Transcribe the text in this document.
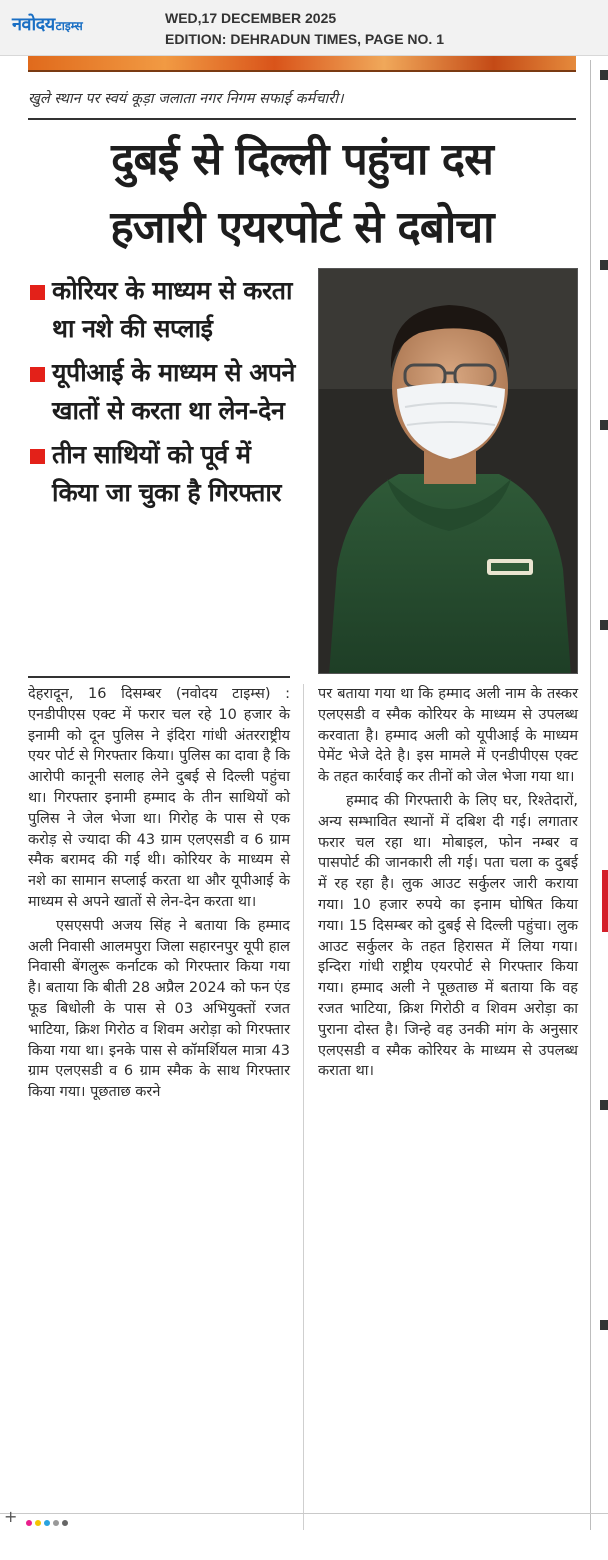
नवोदय टाइम्स	WED,17 DECEMBER 2025
EDITION: DEHRADUN TIMES, PAGE NO. 1
खुले स्थान पर स्वयं कूड़ा जलाता नगर निगम सफाई कर्मचारी।
दुबई से दिल्ली पहुंचा दस
हजारी एयरपोर्ट से दबोचा
कोरियर के माध्यम से करता था नशे की सप्लाई
यूपीआई के माध्यम से अपने खातों से करता था लेन-देन
तीन साथियों को पूर्व में किया जा चुका है गिरफ्तार

देहरादून, 16 दिसम्बर (नवोदय टाइम्स) : एनडीपीएस एक्ट में फरार चल रहे 10 हजार के इनामी को दून पुलिस ने इंदिरा गांधी अंतरराष्ट्रीय एयर पोर्ट से गिरफ्तार किया। पुलिस का दावा है कि आरोपी कानूनी सलाह लेने दुबई से दिल्ली पहुंचा था। गिरफ्तार इनामी हम्माद के तीन साथियों को पुलिस ने जेल भेजा था। गिरोह के पास से एक करोड़ से ज्यादा की 43 ग्राम एलएसडी व 6 ग्राम स्मैक बरामद की गई थी। कोरियर के माध्यम से नशे का सामान सप्लाई करता था और यूपीआई के माध्यम से अपने खातों से लेन-देन करता था।

एसएसपी अजय सिंह ने बताया कि हम्माद अली निवासी आलमपुरा जिला सहारनपुर यूपी हाल निवासी बेंगलुरू कर्नाटक को गिरफ्तार किया गया है। बताया कि बीती 28 अप्रैल 2024 को फन एंड फूड बिधोली के पास से 03 अभियुक्तों रजत भाटिया, क्रिश गिरोठ व शिवम अरोड़ा को गिरफ्तार किया गया था। इनके पास से कॉमर्शियल मात्रा 43 ग्राम एलएसडी व 6 ग्राम स्मैक के साथ गिरफ्तार किया गया। पूछताछ करने

पर बताया गया था कि हम्माद अली नाम के तस्कर एलएसडी व स्मैक कोरियर के माध्यम से उपलब्ध करवाता है। हम्माद अली को यूपीआई के माध्यम पेमेंट भेजे देते है। इस मामले में एनडीपीएस एक्ट के तहत कार्रवाई कर तीनों को जेल भेजा गया था।

हम्माद की गिरफ्तारी के लिए घर, रिश्तेदारों, अन्य सम्भावित स्थानों में दबिश दी गई। लगातार फरार चल रहा था। मोबाइल, फोन नम्बर व पासपोर्ट की जानकारी ली गई। पता चला क दुबई में रह रहा है। लुक आउट सर्कुलर जारी कराया गया। 10 हजार रुपये का इनाम घोषित किया गया। 15 दिसम्बर को दुबई से दिल्ली पहुंचा। लुक आउट सर्कुलर के तहत हिरासत में लिया गया। इन्दिरा गांधी राष्ट्रीय एयरपोर्ट से गिरफ्तार किया गया। हम्माद अली ने पूछताछ में बताया कि वह रजत भाटिया, क्रिश गिरोठी व शिवम अरोड़ा का पुराना दोस्त है। जिन्हे वह उनकी मांग के अनुसार एलएसडी व स्मैक कोरियर के माध्यम से उपलब्ध कराता था।

+
